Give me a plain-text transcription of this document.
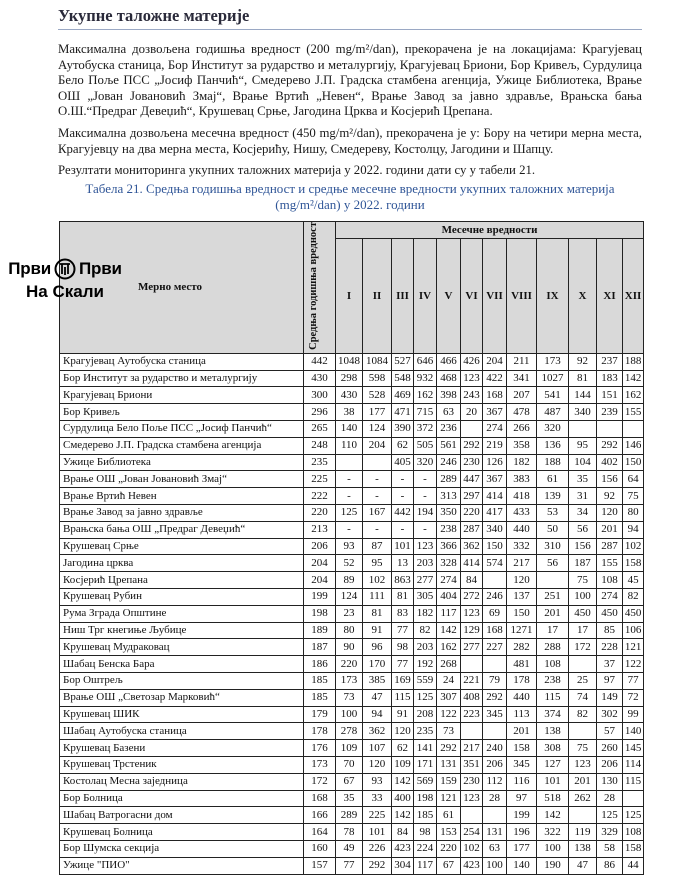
Укупне таложне материје

Максимална дозвољена годишња вредност (200 mg/m²/dan), прекорачена је на локацијама: Крагујевац Аутобуска станица, Бор Институт за рударство и металургију, Крагујевац Бриони, Бор Кривељ, Сурдулица Бело Поље ПСС „Јосиф Панчић“, Смедерево Ј.П. Градска стамбена агенција, Ужице Библиотека, Врање ОШ „Јован Јовановић Змај“, Врање Вртић „Невен“, Врање Завод за јавно здравље, Врањска бања О.Ш.“Предраг Девеџић“, Крушевац Срње, Јагодина Црква и Косјерић Црепана.

Максимална дозвољена месечна вредност (450 mg/m²/dan), прекорачена је у: Бору на четири мерна места, Крагујевцу на два мерна места, Косјерићу, Нишу, Смедереву, Костолцу, Јагодини и Шапцу.

Резултати мониторинга укупних таложних материја у 2022. години дати су у табели 21.

Табела 21. Средња годишња вредност и средње месечне вредности укупних таложних материја
(mg/m²/dan) у 2022. години
Мерно место	Средња годишња вредност	Месечне вредности											
		I	II	III	IV	V	VI	VII	VIII	IX	X	XI	XII
Крагујевац Аутобуска станица	442	1048	1084	527	646	466	426	204	211	173	92	237	188
Бор Институт за рударство и металургију	430	298	598	548	932	468	123	422	341	1027	81	183	142
Крагујевац Бриони	300	430	528	469	162	398	243	168	207	541	144	151	162
Бор Кривељ	296	38	177	471	715	63	20	367	478	487	340	239	155
Сурдулица Бело Поље ПСС „Јосиф Панчић“	265	140	124	390	372	236		274	266	320			
Смедерево Ј.П. Градска стамбена агенција	248	110	204	62	505	561	292	219	358	136	95	292	146
Ужице Библиотека	235			405	320	246	230	126	182	188	104	402	150
Врање ОШ „Јован Јовановић Змај“	225	-	-	-	-	289	447	367	383	61	35	156	64
Врање Вртић Невен	222	-	-	-	-	313	297	414	418	139	31	92	75
Врање Завод за јавно здравље	220	125	167	442	194	350	220	417	433	53	34	120	80
Врањска бања ОШ „Предраг Девеџић“	213	-	-	-	-	238	287	340	440	50	56	201	94
Крушевац Срње	206	93	87	101	123	366	362	150	332	310	156	287	102
Јагодина црква	204	52	95	13	203	328	414	574	217	56	187	155	158
Косјерић Црепана	204	89	102	863	277	274	84		120		75	108	45
Крушевац Рубин	199	124	111	81	305	404	272	246	137	251	100	274	82
Рума Зграда Општине	198	23	81	83	182	117	123	69	150	201	450	450	450
Ниш Трг кнегиње Љубице	189	80	91	77	82	142	129	168	1271	17	17	85	106
Крушевац Мудраковац	187	90	96	98	203	162	277	227	282	288	172	228	121
Шабац Бенска Бара	186	220	170	77	192	268			481	108		37	122
Бор Оштрељ	185	173	385	169	559	24	221	79	178	238	25	97	77
Врање ОШ „Светозар Марковић“	185	73	47	115	125	307	408	292	440	115	74	149	72
Крушевац ШИК	179	100	94	91	208	122	223	345	113	374	82	302	99
Шабац Аутобуска станица	178	278	362	120	235	73			201	138		57	140
Крушевац Базени	176	109	107	62	141	292	217	240	158	308	75	260	145
Крушевац Трстеник	173	70	120	109	171	131	351	206	345	127	123	206	114
Костолац Месна заједница	172	67	93	142	569	159	230	112	116	101	201	130	115
Бор Болница	168	35	33	400	198	121	123	28	97	518	262	28	
Шабац Ватрогасни дом	166	289	225	142	185	61			199	142		125	125
Крушевац Болница	164	78	101	84	98	153	254	131	196	322	119	329	108
Бор Шумска секција	160	49	226	423	224	220	102	63	177	100	138	58	158
Ужице "ПИО"	157	77	292	304	117	67	423	100	140	190	47	86	44
Први Први
На Скали
